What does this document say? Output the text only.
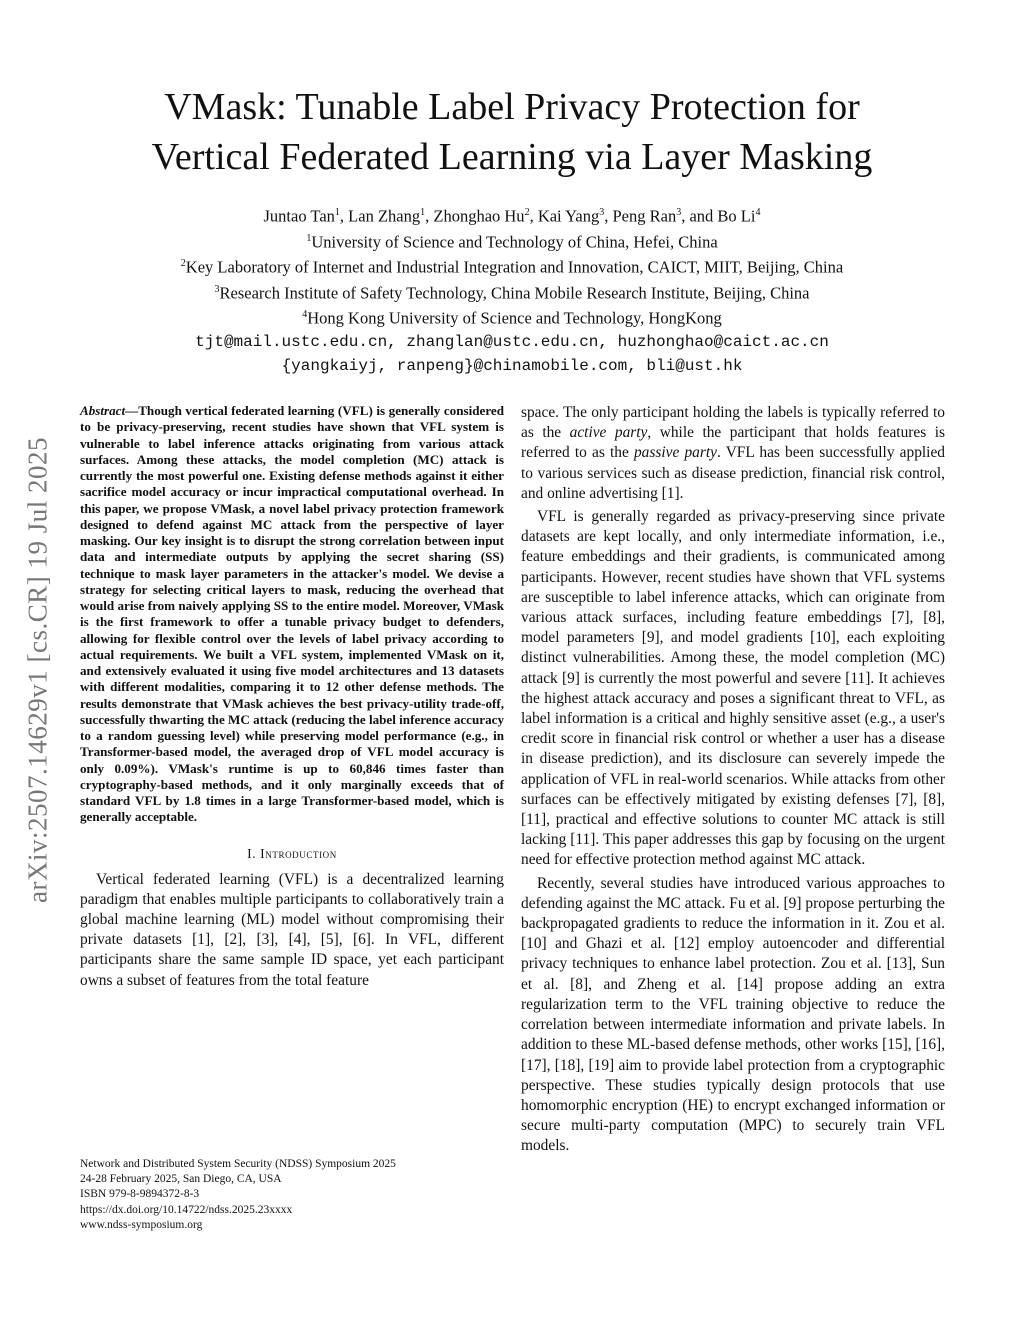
arXiv:2507.14629v1 [cs.CR] 19 Jul 2025
VMask: Tunable Label Privacy Protection for
Vertical Federated Learning via Layer Masking
Juntao Tan$^1$, Lan Zhang$^1$, Zhonghao Hu$^2$, Kai Yang$^3$, Peng Ran$^3$, and Bo Li$^4$
$^1$University of Science and Technology of China, Hefei, China
$^2$Key Laboratory of Internet and Industrial Integration and Innovation, CAICT, MIIT, Beijing, China
$^3$Research Institute of Safety Technology, China Mobile Research Institute, Beijing, China
$^4$Hong Kong University of Science and Technology, HongKong
tjt@mail.ustc.edu.cn, zhanglan@ustc.edu.cn, huzhonghao@caict.ac.cn
{yangkaiyj, ranpeng}@chinamobile.com, bli@ust.hk

Abstract—Though vertical federated learning (VFL) is generally considered to be privacy-preserving, recent studies have shown that VFL system is vulnerable to label inference attacks originating from various attack surfaces. Among these attacks, the model completion (MC) attack is currently the most powerful one. Existing defense methods against it either sacrifice model accuracy or incur impractical computational overhead. In this paper, we propose VMask, a novel label privacy protection framework designed to defend against MC attack from the perspective of layer masking. Our key insight is to disrupt the strong correlation between input data and intermediate outputs by applying the secret sharing (SS) technique to mask layer parameters in the attacker's model. We devise a strategy for selecting critical layers to mask, reducing the overhead that would arise from naively applying SS to the entire model. Moreover, VMask is the first framework to offer a tunable privacy budget to defenders, allowing for flexible control over the levels of label privacy according to actual requirements. We built a VFL system, implemented VMask on it, and extensively evaluated it using five model architectures and 13 datasets with different modalities, comparing it to 12 other defense methods. The results demonstrate that VMask achieves the best privacy-utility trade-off, successfully thwarting the MC attack (reducing the label inference accuracy to a random guessing level) while preserving model performance (e.g., in Transformer-based model, the averaged drop of VFL model accuracy is only 0.09%). VMask's runtime is up to 60,846 times faster than cryptography-based methods, and it only marginally exceeds that of standard VFL by 1.8 times in a large Transformer-based model, which is generally acceptable.

I. Introduction

Vertical federated learning (VFL) is a decentralized learning paradigm that enables multiple participants to collaboratively train a global machine learning (ML) model without compromising their private datasets [1], [2], [3], [4], [5], [6]. In VFL, different participants share the same sample ID space, yet each participant owns a subset of features from the total feature

space. The only participant holding the labels is typically referred to as the active party, while the participant that holds features is referred to as the passive party. VFL has been successfully applied to various services such as disease prediction, financial risk control, and online advertising [1].

VFL is generally regarded as privacy-preserving since private datasets are kept locally, and only intermediate information, i.e., feature embeddings and their gradients, is communicated among participants. However, recent studies have shown that VFL systems are susceptible to label inference attacks, which can originate from various attack surfaces, including feature embeddings [7], [8], model parameters [9], and model gradients [10], each exploiting distinct vulnerabilities. Among these, the model completion (MC) attack [9] is currently the most powerful and severe [11]. It achieves the highest attack accuracy and poses a significant threat to VFL, as label information is a critical and highly sensitive asset (e.g., a user's credit score in financial risk control or whether a user has a disease in disease prediction), and its disclosure can severely impede the application of VFL in real-world scenarios. While attacks from other surfaces can be effectively mitigated by existing defenses [7], [8], [11], practical and effective solutions to counter MC attack is still lacking [11]. This paper addresses this gap by focusing on the urgent need for effective protection method against MC attack.

Recently, several studies have introduced various approaches to defending against the MC attack. Fu et al. [9] propose perturbing the backpropagated gradients to reduce the information in it. Zou et al. [10] and Ghazi et al. [12] employ autoencoder and differential privacy techniques to enhance label protection. Zou et al. [13], Sun et al. [8], and Zheng et al. [14] propose adding an extra regularization term to the VFL training objective to reduce the correlation between intermediate information and private labels. In addition to these ML-based defense methods, other works [15], [16], [17], [18], [19] aim to provide label protection from a cryptographic perspective. These studies typically design protocols that use homomorphic encryption (HE) to encrypt exchanged information or secure multi-party computation (MPC) to securely train VFL models.

Network and Distributed System Security (NDSS) Symposium 2025
24-28 February 2025, San Diego, CA, USA
ISBN 979-8-9894372-8-3
https://dx.doi.org/10.14722/ndss.2025.23xxxx
www.ndss-symposium.org
